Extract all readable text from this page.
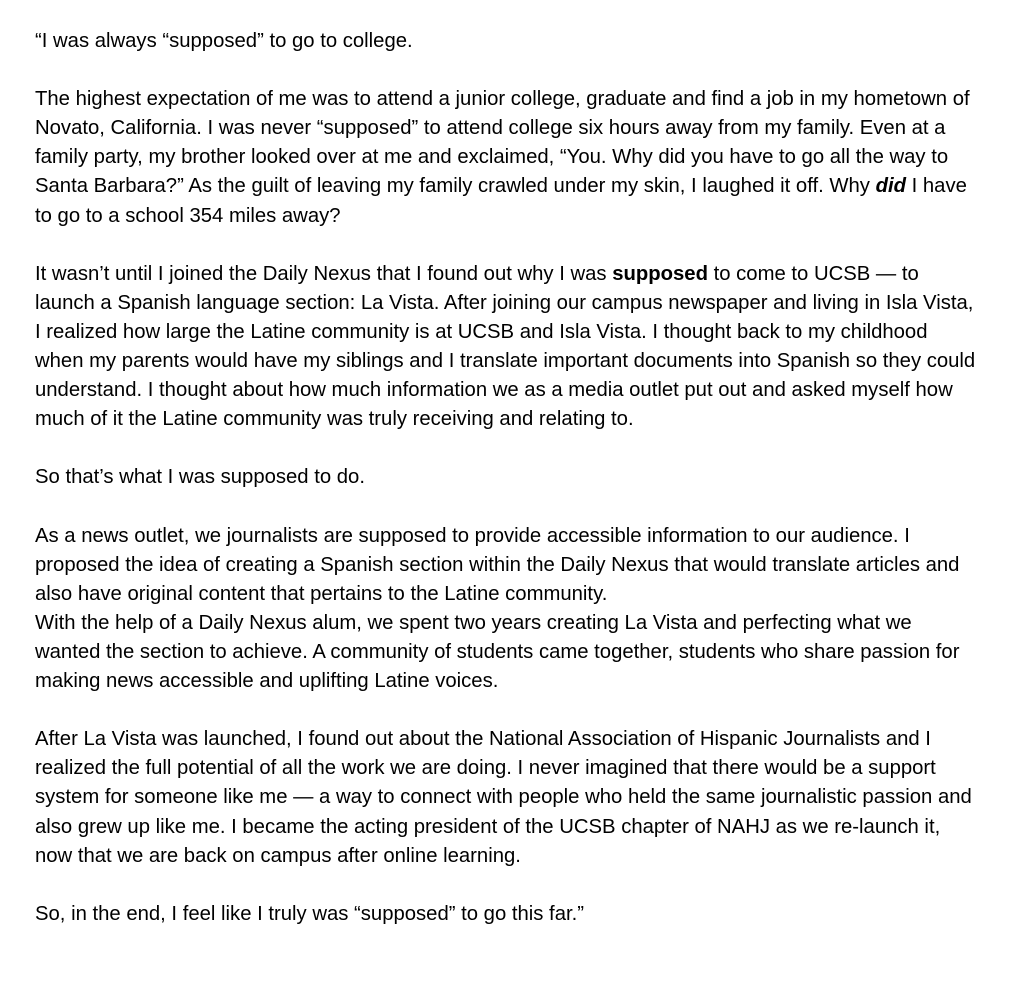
“I was always “supposed” to go to college.

The highest expectation of me was to attend a junior college, graduate and find a job in my hometown of Novato, California. I was never “supposed” to attend college six hours away from my family. Even at a family party, my brother looked over at me and exclaimed, “You. Why did you have to go all the way to Santa Barbara?” As the guilt of leaving my family crawled under my skin, I laughed it off. Why did I have to go to a school 354 miles away?

It wasn’t until I joined the Daily Nexus that I found out why I was supposed to come to UCSB — to launch a Spanish language section: La Vista. After joining our campus newspaper and living in Isla Vista, I realized how large the Latine community is at UCSB and Isla Vista. I thought back to my childhood when my parents would have my siblings and I translate important documents into Spanish so they could understand. I thought about how much information we as a media outlet put out and asked myself how much of it the Latine community was truly receiving and relating to.

So that’s what I was supposed to do.

As a news outlet, we journalists are supposed to provide accessible information to our audience. I proposed the idea of creating a Spanish section within the Daily Nexus that would translate articles and also have original content that pertains to the Latine community.

With the help of a Daily Nexus alum, we spent two years creating La Vista and perfecting what we wanted the section to achieve. A community of students came together, students who share passion for making news accessible and uplifting Latine voices.

After La Vista was launched, I found out about the National Association of Hispanic Journalists and I realized the full potential of all the work we are doing. I never imagined that there would be a support system for someone like me — a way to connect with people who held the same journalistic passion and also grew up like me. I became the acting president of the UCSB chapter of NAHJ as we re-launch it, now that we are back on campus after online learning.

So, in the end, I feel like I truly was “supposed” to go this far.”
